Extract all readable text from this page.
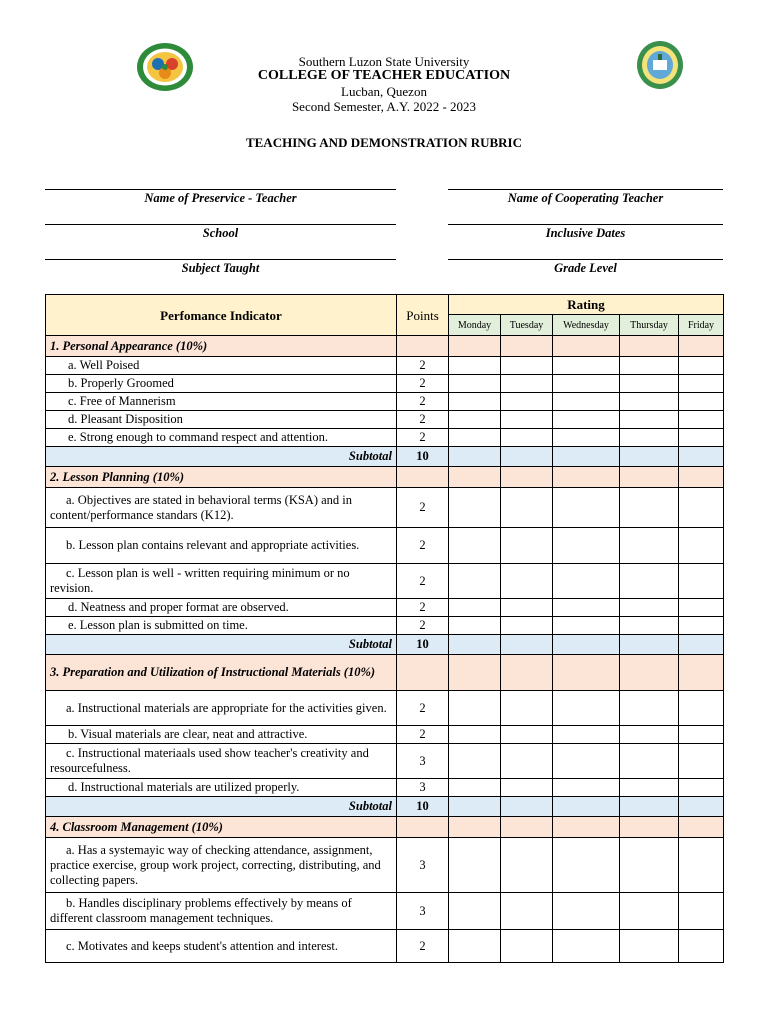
Southern Luzon State University
COLLEGE OF TEACHER EDUCATION
Lucban, Quezon
Second Semester, A.Y. 2022 - 2023
TEACHING AND DEMONSTRATION RUBRIC
Name of Preservice - Teacher	Name of Cooperating Teacher
School	Inclusive Dates
Subject Taught	Grade Level
Perfomance Indicator	Points	Rating				
		Monday	Tuesday	Wednesday	Thursday	Friday
1. Personal Appearance (10%)						
a. Well Poised	2					
b. Properly Groomed	2					
c. Free of Mannerism	2					
d. Pleasant Disposition	2					
e. Strong enough to command respect and attention.	2					
Subtotal	10					
2. Lesson Planning (10%)						
a. Objectives are stated in behavioral terms (KSA) and in content/performance standars (K12).	2					
b. Lesson plan contains relevant and appropriate activities.	2					
c. Lesson plan is well - written requiring minimum or no revision.	2					
d. Neatness and proper format are observed.	2					
e. Lesson plan is submitted on time.	2					
Subtotal	10					
3. Preparation and Utilization of Instructional Materials (10%)						
a. Instructional materials are appropriate for the activities given.	2					
b. Visual materials are clear, neat and attractive.	2					
c. Instructional materiaals used show teacher's creativity and resourcefulness.	3					
d. Instructional materials are utilized properly.	3					
Subtotal	10					
4. Classroom Management (10%)						
a. Has a systemayic way of checking attendance, assignment, practice exercise, group work project, correcting, distributing, and collecting papers.	3					
b. Handles disciplinary problems effectively by means of different classroom management techniques.	3					
c. Motivates and keeps student's attention and interest.	2					
